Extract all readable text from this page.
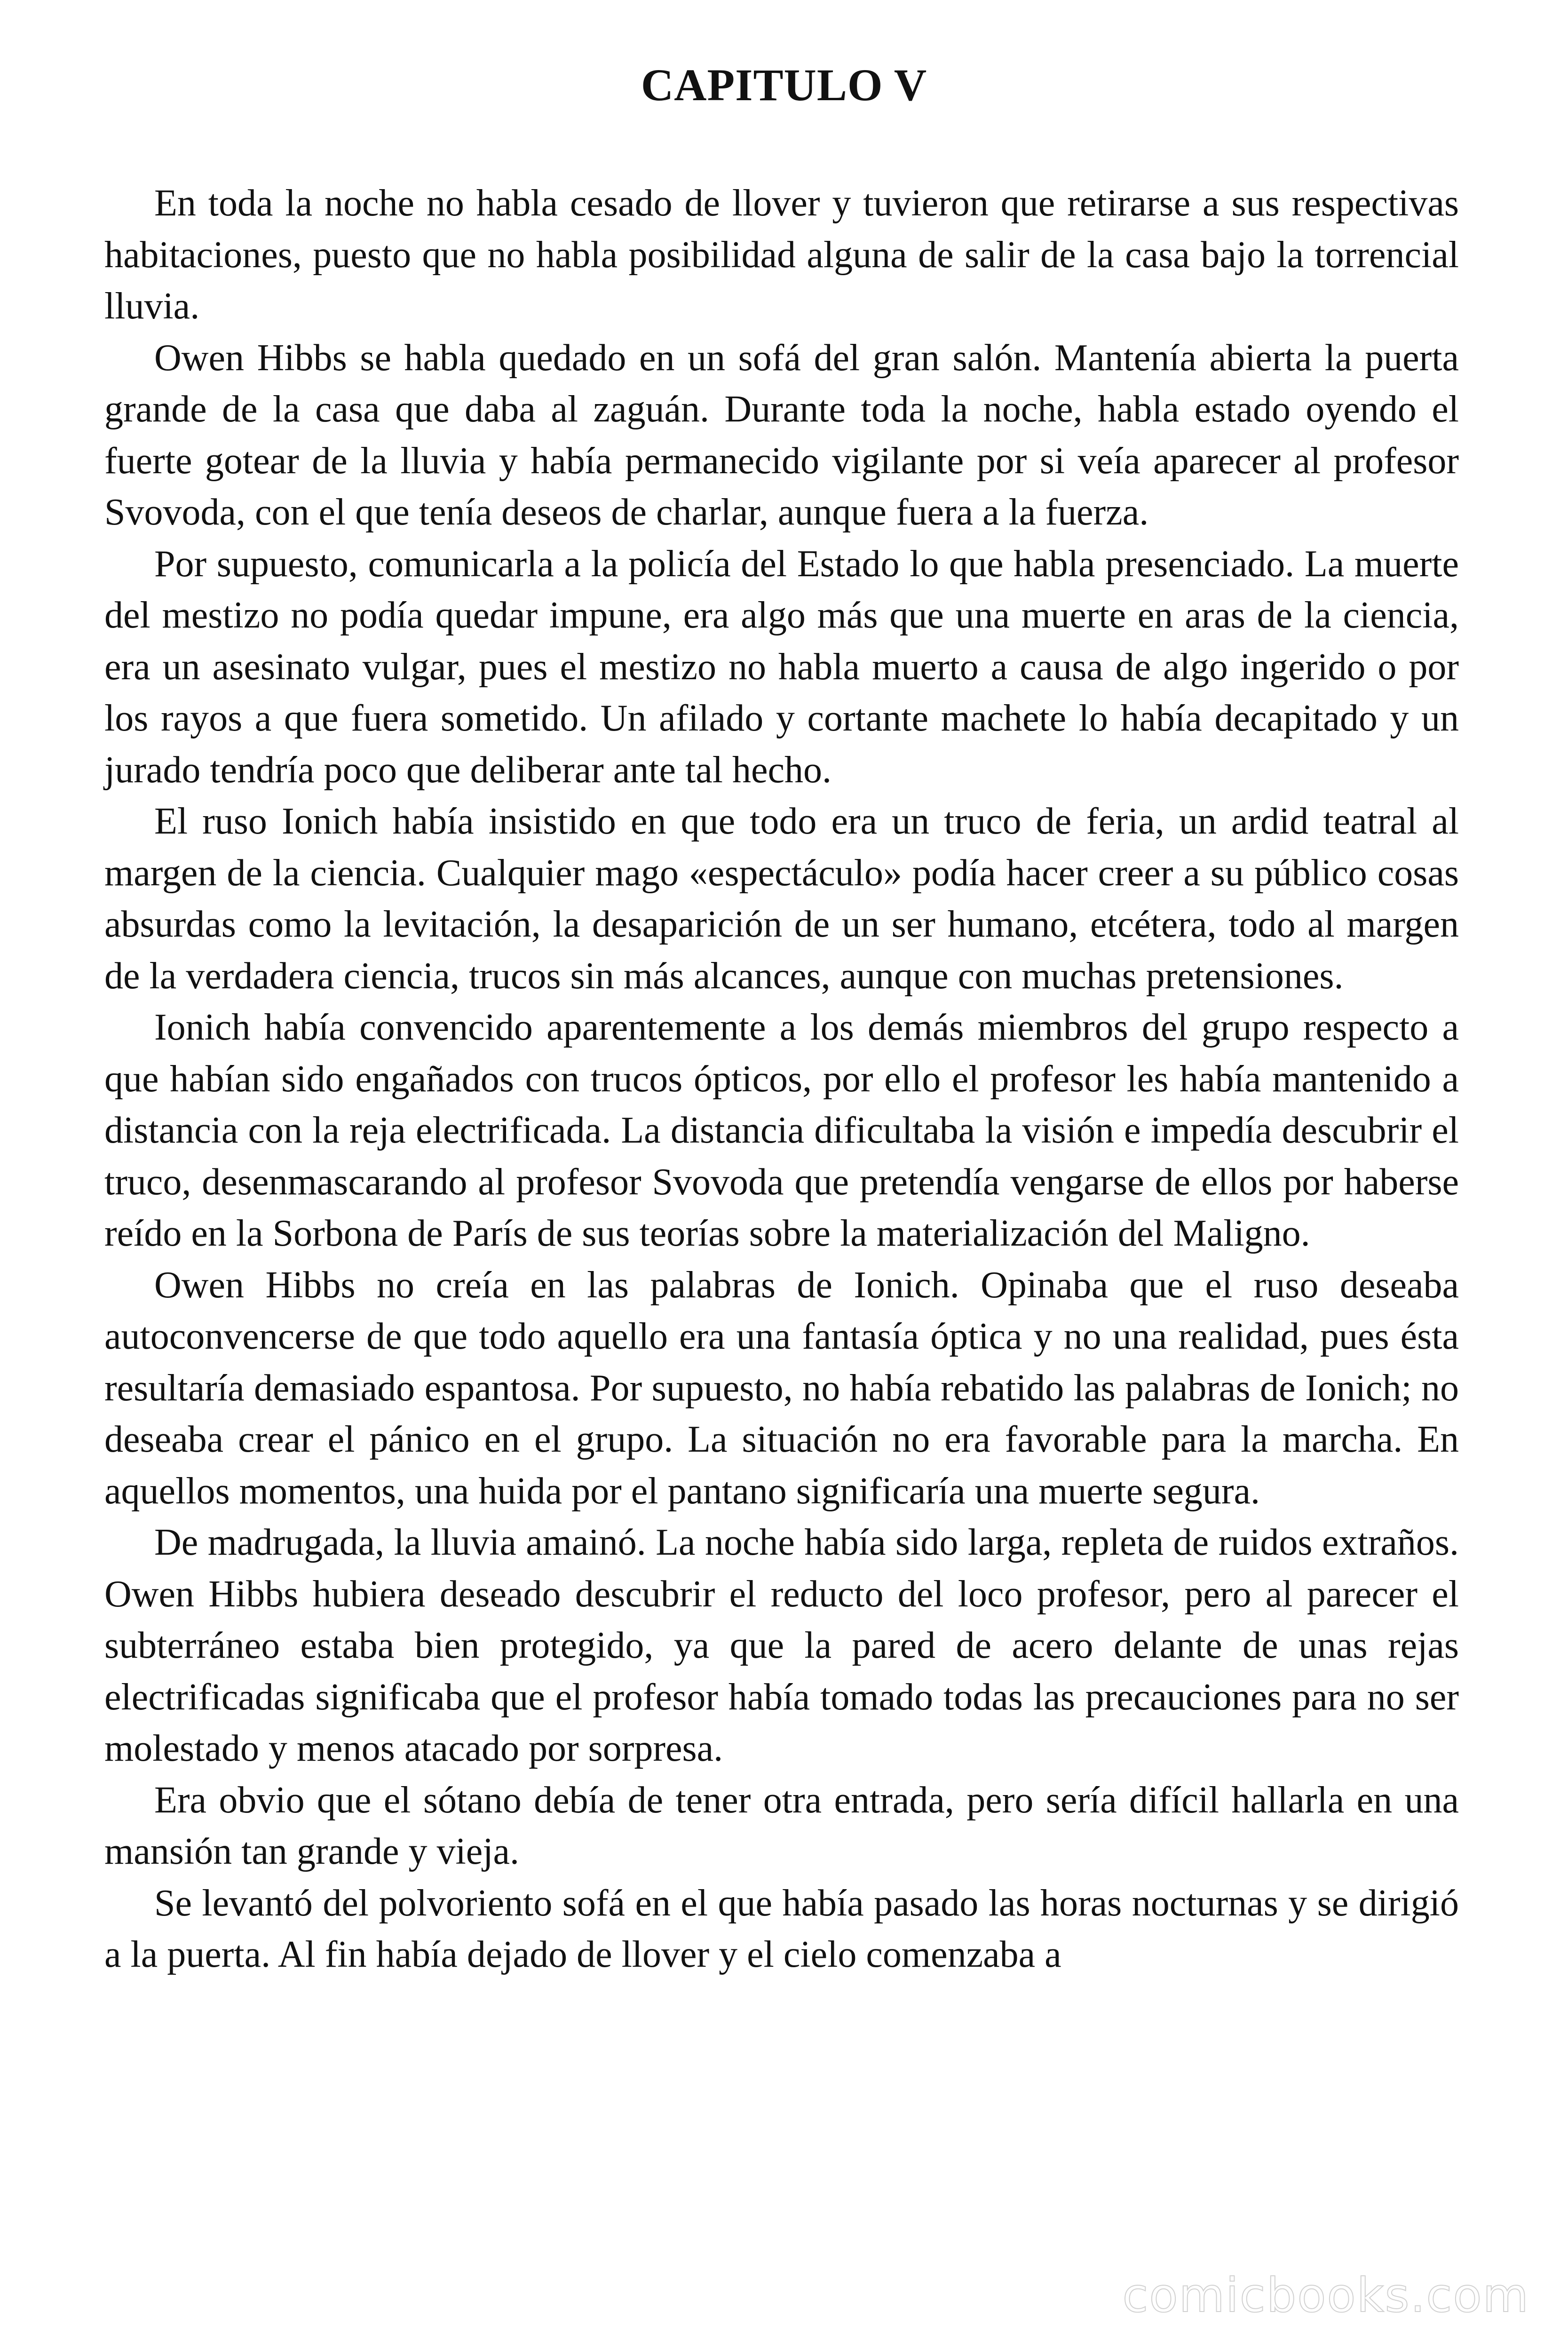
CAPITULO V

En toda la noche no habla cesado de llover y tuvieron que retirarse a sus respectivas habitaciones, puesto que no habla posibilidad alguna de salir de la casa bajo la torrencial lluvia.

Owen Hibbs se habla quedado en un sofá del gran salón. Mantenía abierta la puerta grande de la casa que daba al zaguán. Durante toda la noche, habla estado oyendo el fuerte gotear de la lluvia y había permanecido vigilante por si veía aparecer al profesor Svovoda, con el que tenía deseos de charlar, aunque fuera a la fuerza.

Por supuesto, comunicarla a la policía del Estado lo que habla presenciado. La muerte del mestizo no podía quedar impune, era algo más que una muerte en aras de la ciencia, era un asesinato vulgar, pues el mestizo no habla muerto a causa de algo ingerido o por los rayos a que fuera sometido. Un afilado y cortante machete lo había decapitado y un jurado tendría poco que deliberar ante tal hecho.

El ruso Ionich había insistido en que todo era un truco de feria, un ardid teatral al margen de la ciencia. Cualquier mago «espectáculo» podía hacer creer a su público cosas absurdas como la levitación, la desaparición de un ser humano, etcétera, todo al margen de la verdadera ciencia, trucos sin más alcances, aunque con muchas pretensiones.

Ionich había convencido aparentemente a los demás miembros del grupo respecto a que habían sido engañados con trucos ópticos, por ello el profesor les había mantenido a distancia con la reja electrificada. La distancia dificultaba la visión e impedía descubrir el truco, desenmascarando al profesor Svovoda que pretendía vengarse de ellos por haberse reído en la Sorbona de París de sus teorías sobre la materialización del Maligno.

Owen Hibbs no creía en las palabras de Ionich. Opinaba que el ruso deseaba autoconvencerse de que todo aquello era una fantasía óptica y no una realidad, pues ésta resultaría demasiado espantosa. Por supuesto, no había rebatido las palabras de Ionich; no deseaba crear el pánico en el grupo. La situación no era favorable para la marcha. En aquellos momentos, una huida por el pantano significaría una muerte segura.

De madrugada, la lluvia amainó. La noche había sido larga, repleta de ruidos extraños. Owen Hibbs hubiera deseado descubrir el reducto del loco profesor, pero al parecer el subterráneo estaba bien protegido, ya que la pared de acero delante de unas rejas electrificadas significaba que el profesor había tomado todas las precauciones para no ser molestado y menos atacado por sorpresa.

Era obvio que el sótano debía de tener otra entrada, pero sería difícil hallarla en una mansión tan grande y vieja.

Se levantó del polvoriento sofá en el que había pasado las horas nocturnas y se dirigió a la puerta. Al fin había dejado de llover y el cielo comenzaba a

comicbooks.com
